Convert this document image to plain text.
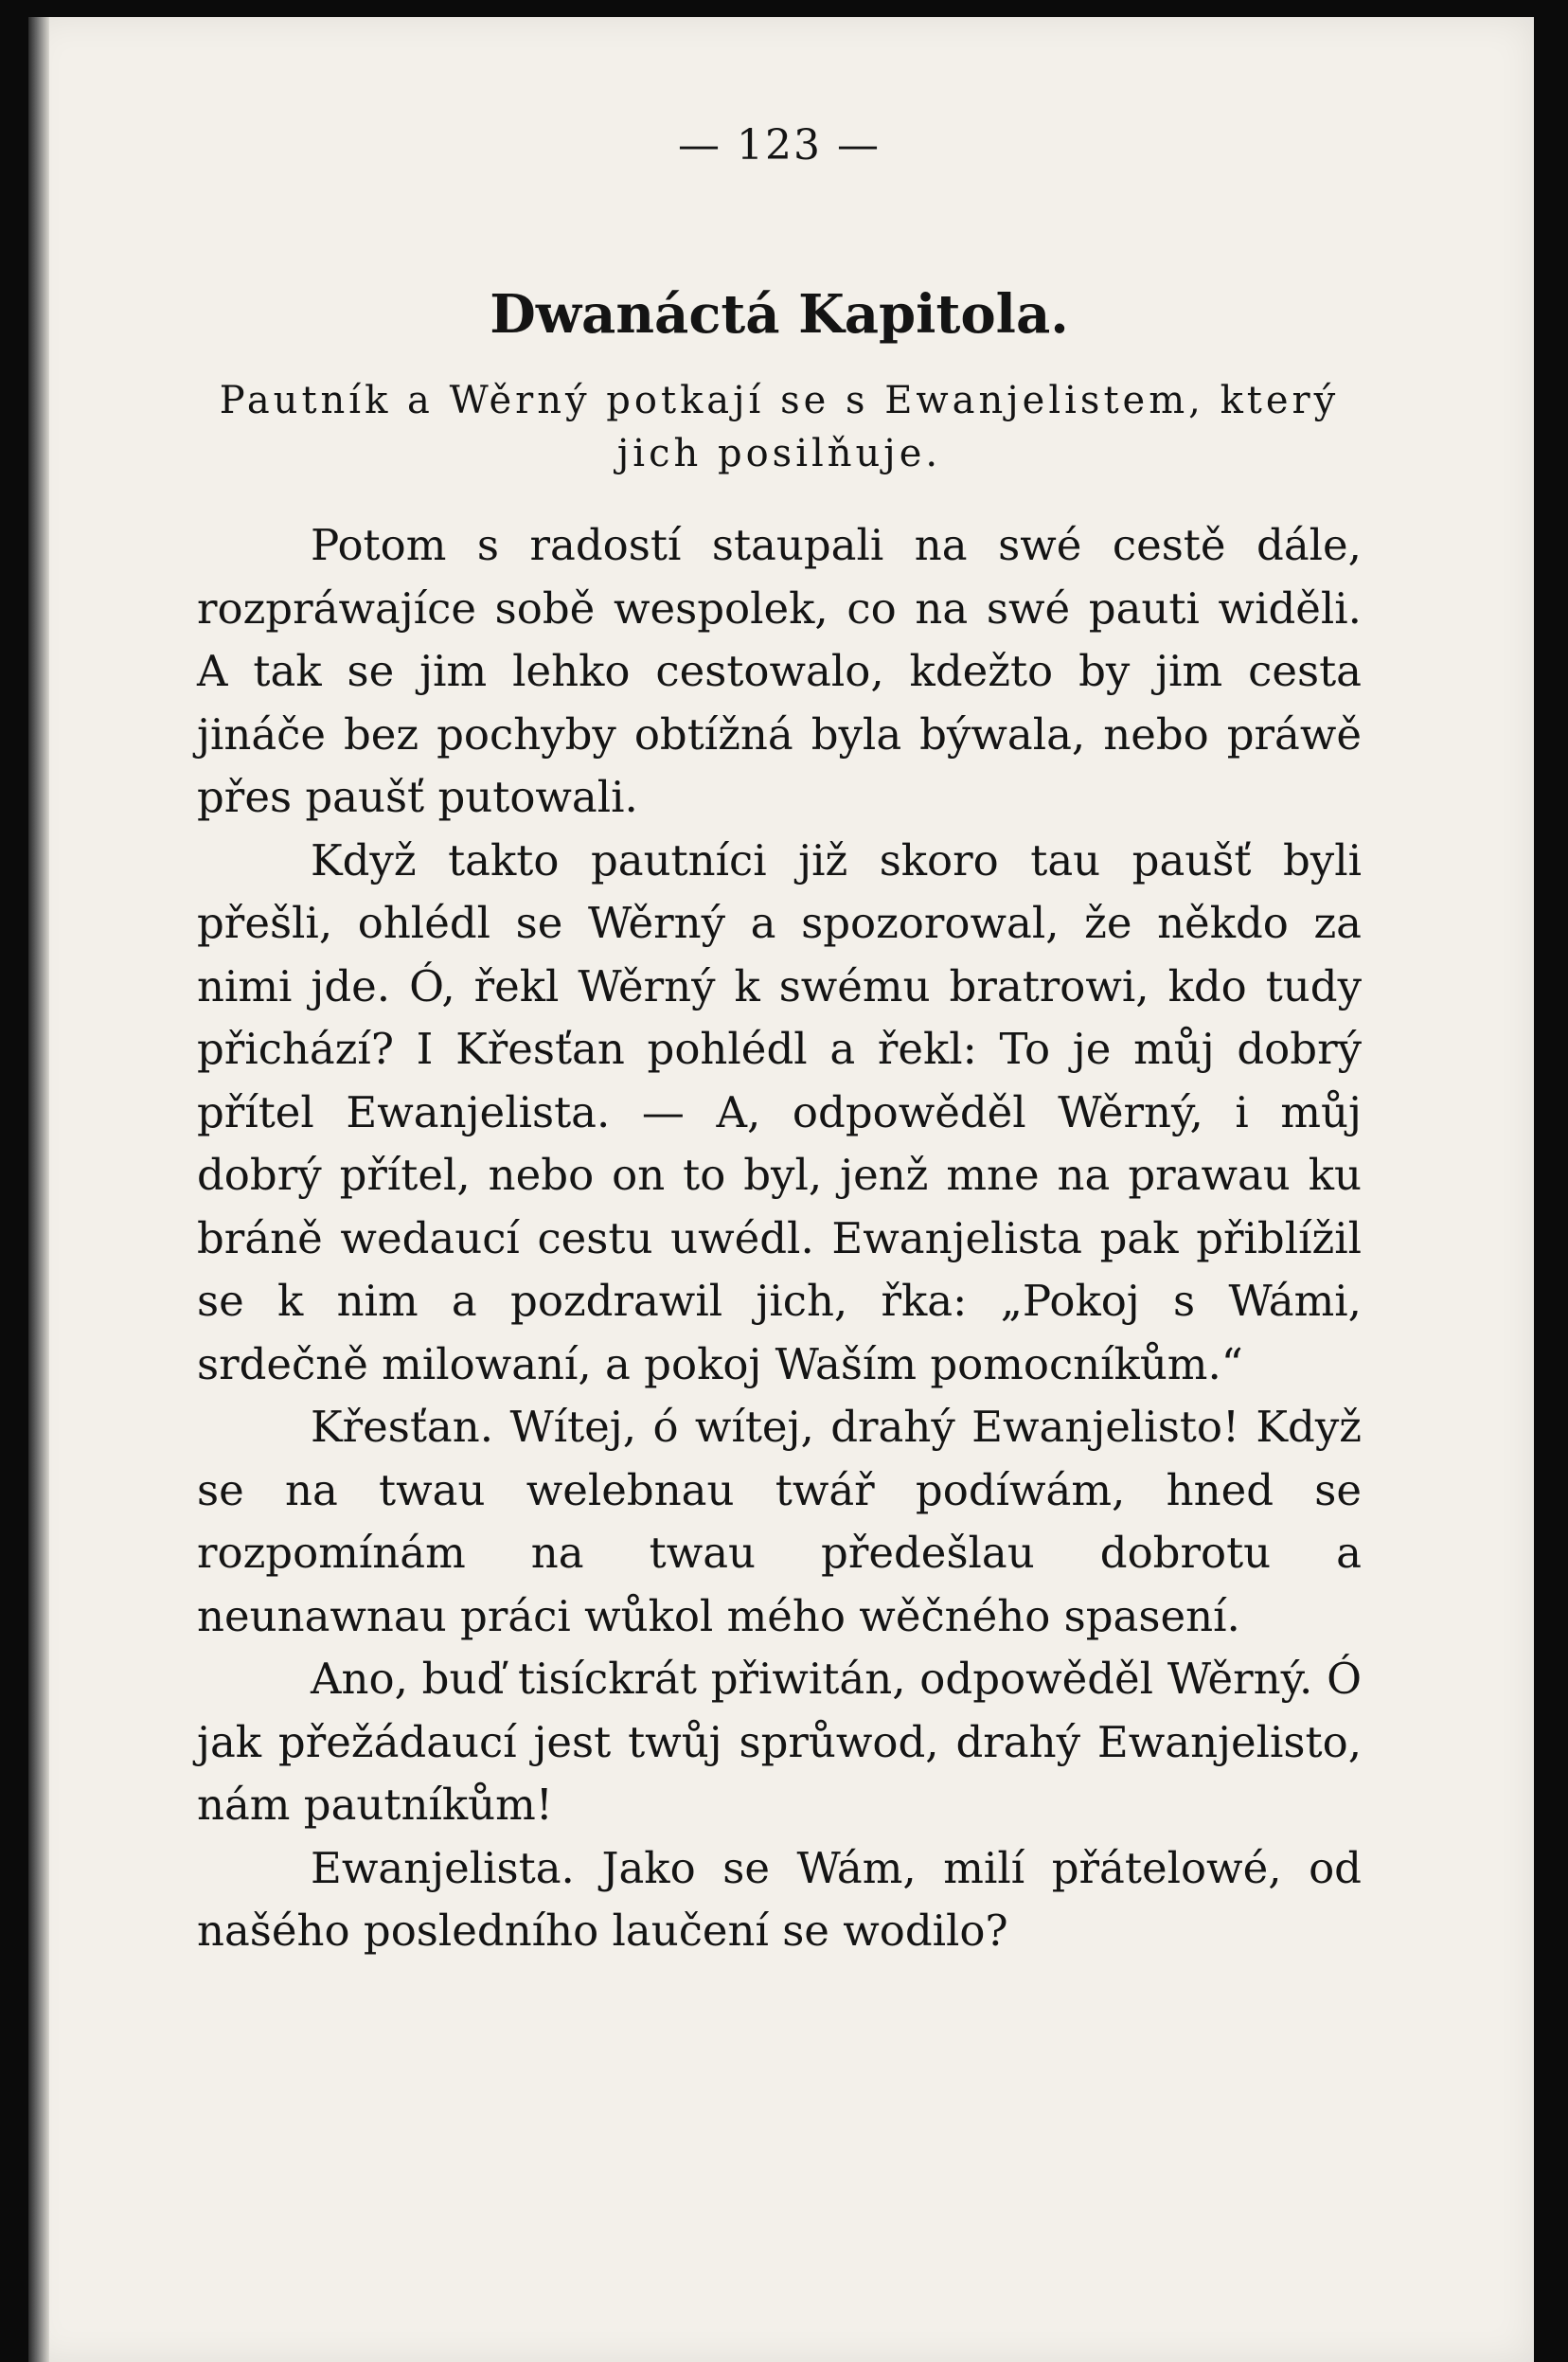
— 123 —
Dwanáctá Kapitola.
Pautník a Wěrný potkají se s Ewanjelistem, který jich posilňuje.

Potom s radostí staupali na swé cestě dále, rozpráwajíce sobě wespolek, co na swé pauti widěli. A tak se jim lehko cestowalo, kdežto by jim cesta jináče bez pochyby obtížná byla býwala, nebo práwě přes paušť putowali.

Když takto pautníci již skoro tau paušť byli přešli, ohlédl se Wěrný a spozorowal, že někdo za nimi jde. Ó, řekl Wěrný k swému bratrowi, kdo tudy přichází? I Křesťan pohlédl a řekl: To je můj dobrý přítel Ewanjelista. — A, odpowěděl Wěrný, i můj dobrý přítel, nebo on to byl, jenž mne na prawau ku bráně wedaucí cestu uwédl. Ewanjelista pak přiblížil se k nim a pozdrawil jich, řka: „Pokoj s Wámi, srdečně milowaní, a pokoj Waším pomocníkům.“

Křesťan. Wítej, ó wítej, drahý Ewanjelisto! Když se na twau welebnau twář podíwám, hned se rozpomínám na twau předešlau dobrotu a neunawnau práci wůkol mého wěčného spasení.

Ano, buď tisíckrát přiwitán, odpowěděl Wěrný. Ó jak přežádaucí jest twůj sprůwod, drahý Ewanjelisto, nám pautníkům!

Ewanjelista. Jako se Wám, milí přátelowé, od našého posledního laučení se wodilo?
